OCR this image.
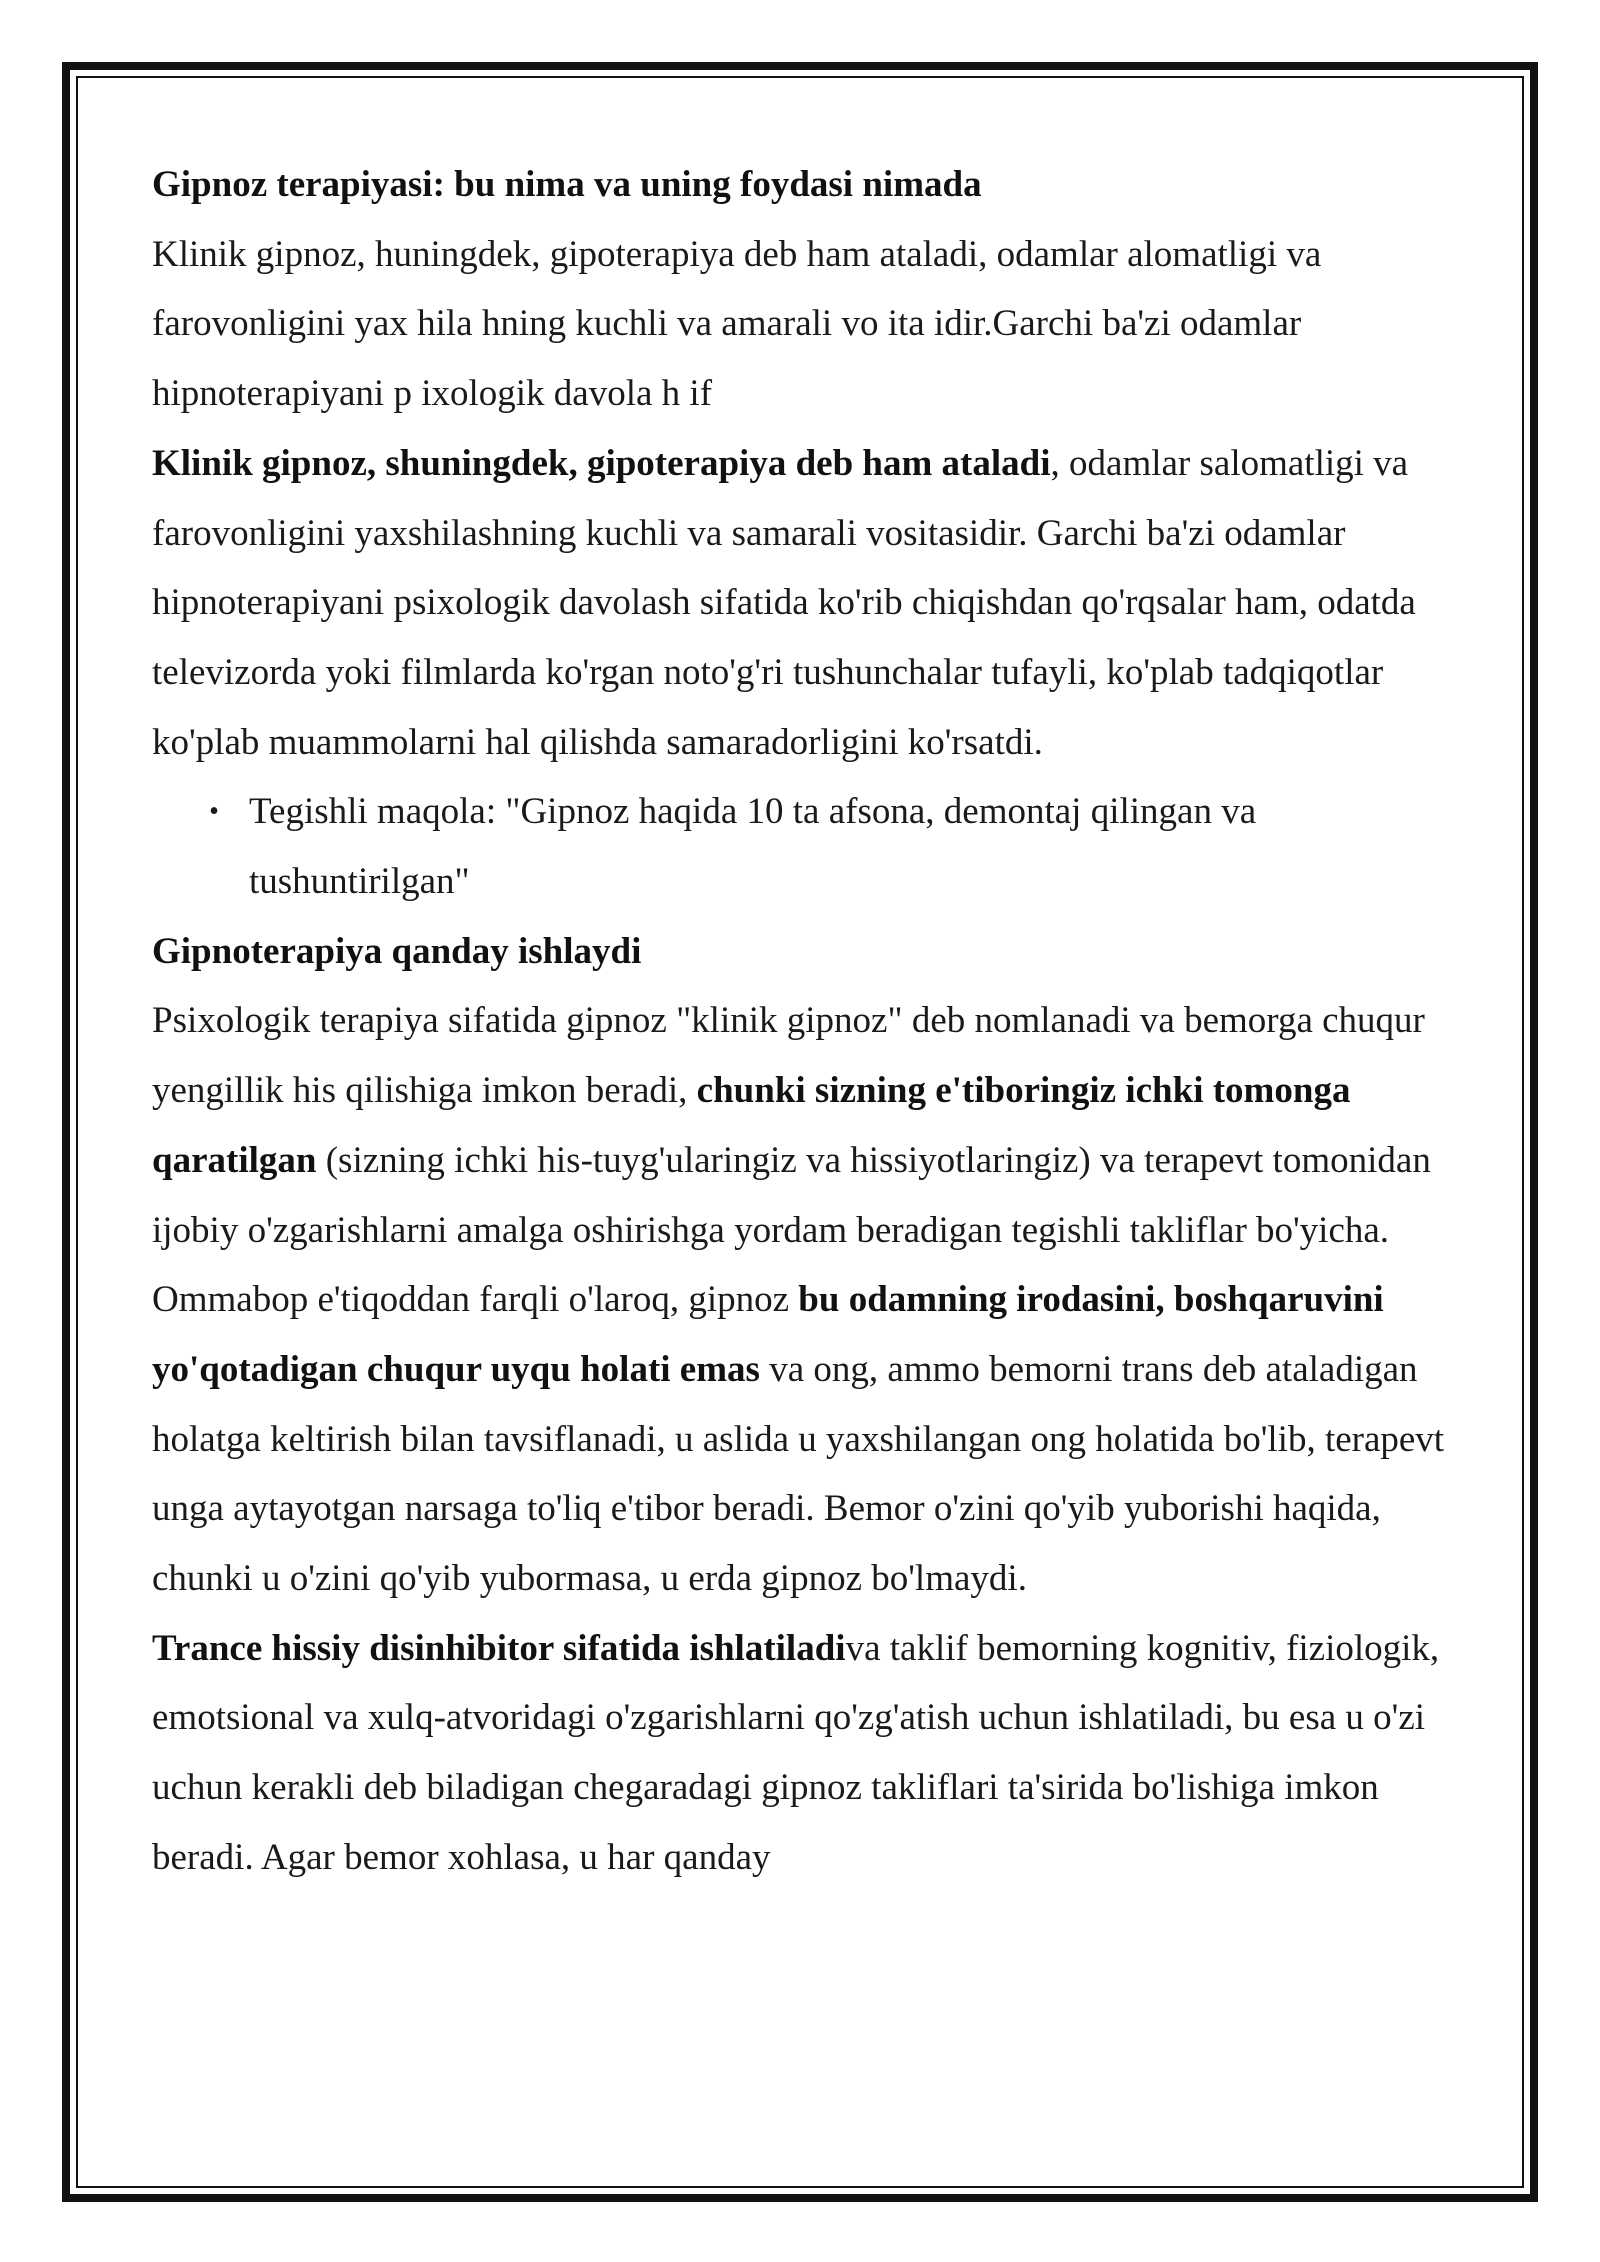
Gipnoz terapiyasi: bu nima va uning foydasi nimada

Klinik gipnoz, huningdek, gipoterapiya deb ham ataladi, odamlar alomatligi va farovonligini yax hila hning kuchli va amarali vo ita idir.Garchi ba'zi odamlar hipnoterapiyani p ixologik davola h if

Klinik gipnoz, shuningdek, gipoterapiya deb ham ataladi, odamlar salomatligi va farovonligini yaxshilashning kuchli va samarali vositasidir. Garchi ba'zi odamlar hipnoterapiyani psixologik davolash sifatida ko'rib chiqishdan qo'rqsalar ham, odatda televizorda yoki filmlarda ko'rgan noto'g'ri tushunchalar tufayli, ko'plab tadqiqotlar ko'plab muammolarni hal qilishda samaradorligini ko'rsatdi.

• Tegishli maqola: "Gipnoz haqida 10 ta afsona, demontaj qilingan va tushuntirilgan"

Gipnoterapiya qanday ishlaydi

Psixologik terapiya sifatida gipnoz "klinik gipnoz" deb nomlanadi va bemorga chuqur yengillik his qilishiga imkon beradi, chunki sizning e'tiboringiz ichki tomonga qaratilgan (sizning ichki his-tuyg'ularingiz va hissiyotlaringiz) va terapevt tomonidan ijobiy o'zgarishlarni amalga oshirishga yordam beradigan tegishli takliflar bo'yicha.

Ommabop e'tiqoddan farqli o'laroq, gipnoz bu odamning irodasini, boshqaruvini yo'qotadigan chuqur uyqu holati emas va ong, ammo bemorni trans deb ataladigan holatga keltirish bilan tavsiflanadi, u aslida u yaxshilangan ong holatida bo'lib, terapevt unga aytayotgan narsaga to'liq e'tibor beradi. Bemor o'zini qo'yib yuborishi haqida, chunki u o'zini qo'yib yubormasa, u erda gipnoz bo'lmaydi.

Trance hissiy disinhibitor sifatida ishlatiladiva taklif bemorning kognitiv, fiziologik, emotsional va xulq-atvoridagi o'zgarishlarni qo'zg'atish uchun ishlatiladi, bu esa u o'zi uchun kerakli deb biladigan chegaradagi gipnoz takliflari ta'sirida bo'lishiga imkon beradi. Agar bemor xohlasa, u har qanday
